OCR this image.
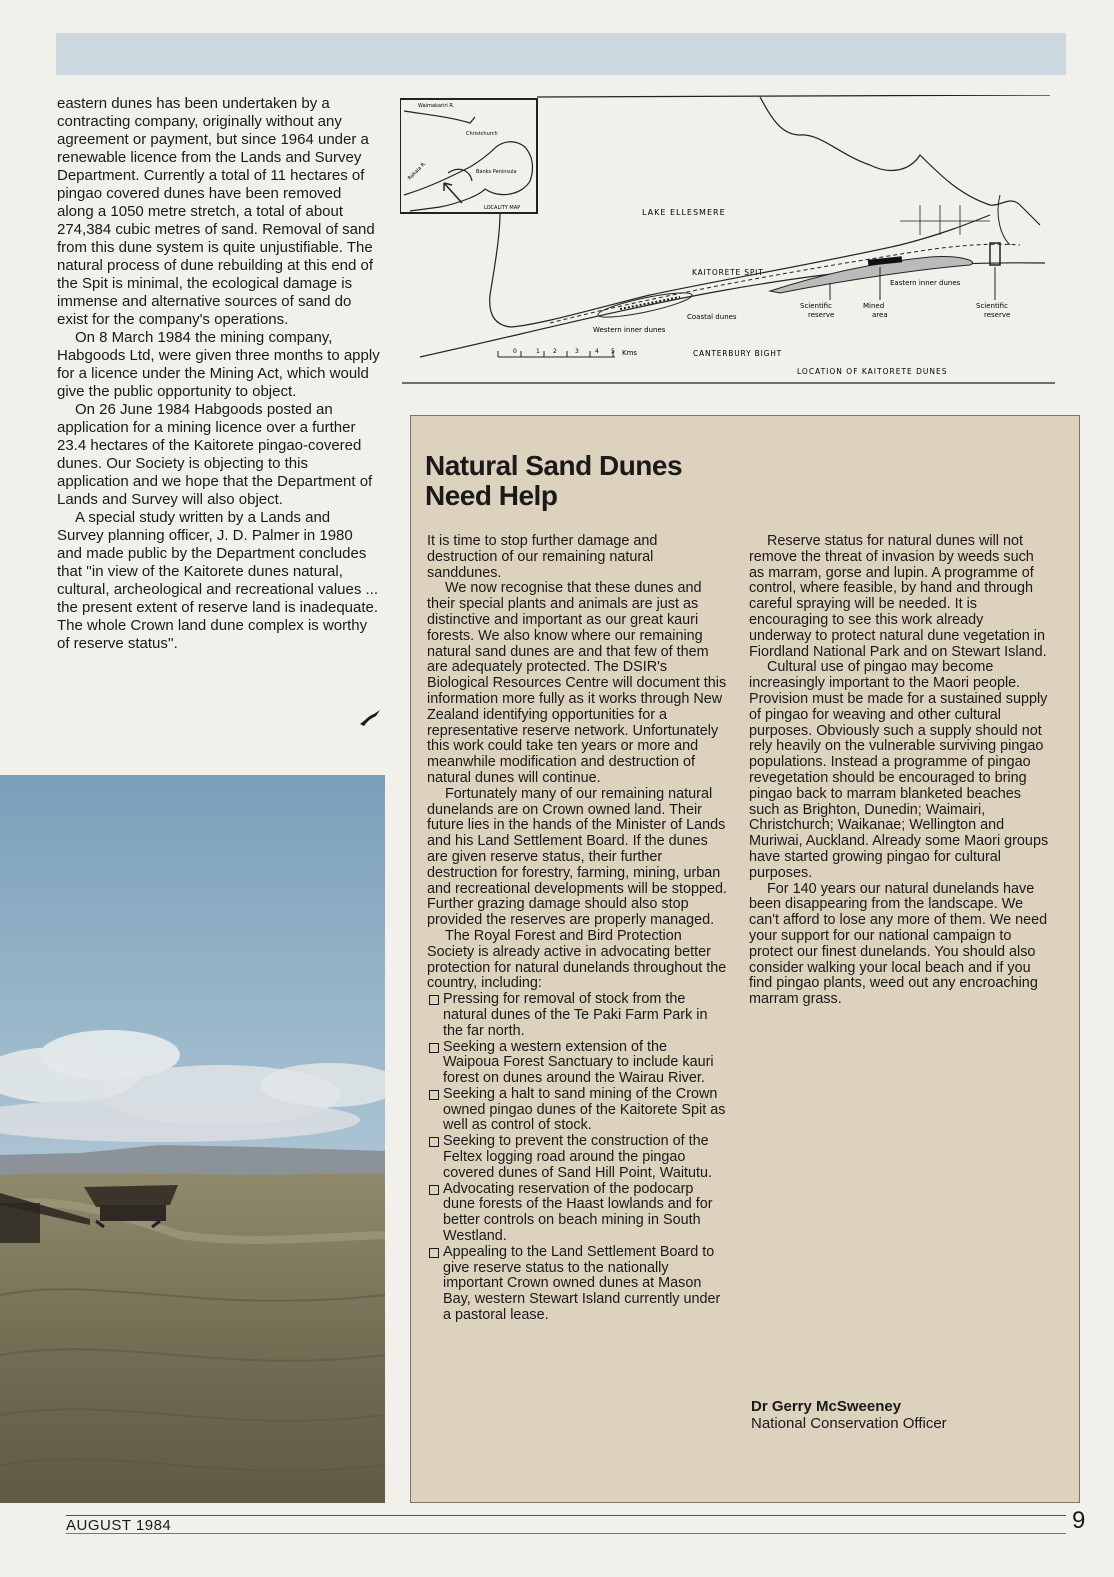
eastern dunes has been undertaken by a contracting company, originally without any agreement or payment, but since 1964 under a renewable licence from the Lands and Survey Department. Currently a total of 11 hectares of pingao covered dunes have been removed along a 1050 metre stretch, a total of about 274,384 cubic metres of sand. Removal of sand from this dune system is quite unjustifiable. The natural process of dune rebuilding at this end of the Spit is minimal, the ecological damage is immense and alternative sources of sand do exist for the company's operations.

On 8 March 1984 the mining company, Habgoods Ltd, were given three months to apply for a licence under the Mining Act, which would give the public opportunity to object.

On 26 June 1984 Habgoods posted an application for a mining licence over a further 23.4 hectares of the Kaitorete pingao-covered dunes. Our Society is objecting to this application and we hope that the Department of Lands and Survey will also object.

A special study written by a Lands and Survey planning officer, J. D. Palmer in 1980 and made public by the Department concludes that ''in view of the Kaitorete dunes natural, cultural, archeological and recreational values ... the present extent of reserve land is inadequate. The whole Crown land dune complex is worthy of reserve status''.

Waimakariri R.
Christchurch
Banks Peninsula
Rakaia R.
LOCALITY MAP	LAKE ELLESMERE
KAITORETE SPIT
Eastern inner dunes
Western inner dunes
Coastal dunes
Scientific
reserve
Mined
area
Scientific
reserve
CANTERBURY BIGHT
0	1 2	3	4 5 Kms
LOCATION OF KAITORETE DUNES
Natural Sand Dunes Need Help

It is time to stop further damage and destruction of our remaining natural sanddunes.

We now recognise that these dunes and their special plants and animals are just as distinctive and important as our great kauri forests. We also know where our remaining natural sand dunes are and that few of them are adequately protected. The DSIR's Biological Resources Centre will document this information more fully as it works through New Zealand identifying opportunities for a representative reserve network. Unfortunately this work could take ten years or more and meanwhile modification and destruction of natural dunes will continue.

Fortunately many of our remaining natural dunelands are on Crown owned land. Their future lies in the hands of the Minister of Lands and his Land Settlement Board. If the dunes are given reserve status, their further destruction for forestry, farming, mining, urban and recreational developments will be stopped. Further grazing damage should also stop provided the reserves are properly managed.

The Royal Forest and Bird Protection Society is already active in advocating better protection for natural dunelands throughout the country, including:

Pressing for removal of stock from the natural dunes of the Te Paki Farm Park in the far north.
Seeking a western extension of the Waipoua Forest Sanctuary to include kauri forest on dunes around the Wairau River.
Seeking a halt to sand mining of the Crown owned pingao dunes of the Kaitorete Spit as well as control of stock.
Seeking to prevent the construction of the Feltex logging road around the pingao covered dunes of Sand Hill Point, Waitutu.
Advocating reservation of the podocarp dune forests of the Haast lowlands and for better controls on beach mining in South Westland.
Appealing to the Land Settlement Board to give reserve status to the nationally important Crown owned dunes at Mason Bay, western Stewart Island currently under a pastoral lease.

Reserve status for natural dunes will not remove the threat of invasion by weeds such as marram, gorse and lupin. A programme of control, where feasible, by hand and through careful spraying will be needed. It is encouraging to see this work already underway to protect natural dune vegetation in Fiordland National Park and on Stewart Island.

Cultural use of pingao may become increasingly important to the Maori people. Provision must be made for a sustained supply of pingao for weaving and other cultural purposes. Obviously such a supply should not rely heavily on the vulnerable surviving pingao populations. Instead a programme of pingao revegetation should be encouraged to bring pingao back to marram blanketed beaches such as Brighton, Dunedin; Waimairi, Christchurch; Waikanae; Wellington and Muriwai, Auckland. Already some Maori groups have started growing pingao for cultural purposes.

For 140 years our natural dunelands have been disappearing from the landscape. We can't afford to lose any more of them. We need your support for our national campaign to protect our finest dunelands. You should also consider walking your local beach and if you find pingao plants, weed out any encroaching marram grass.

Dr Gerry McSweeney
National Conservation Officer
AUGUST 1984	9
